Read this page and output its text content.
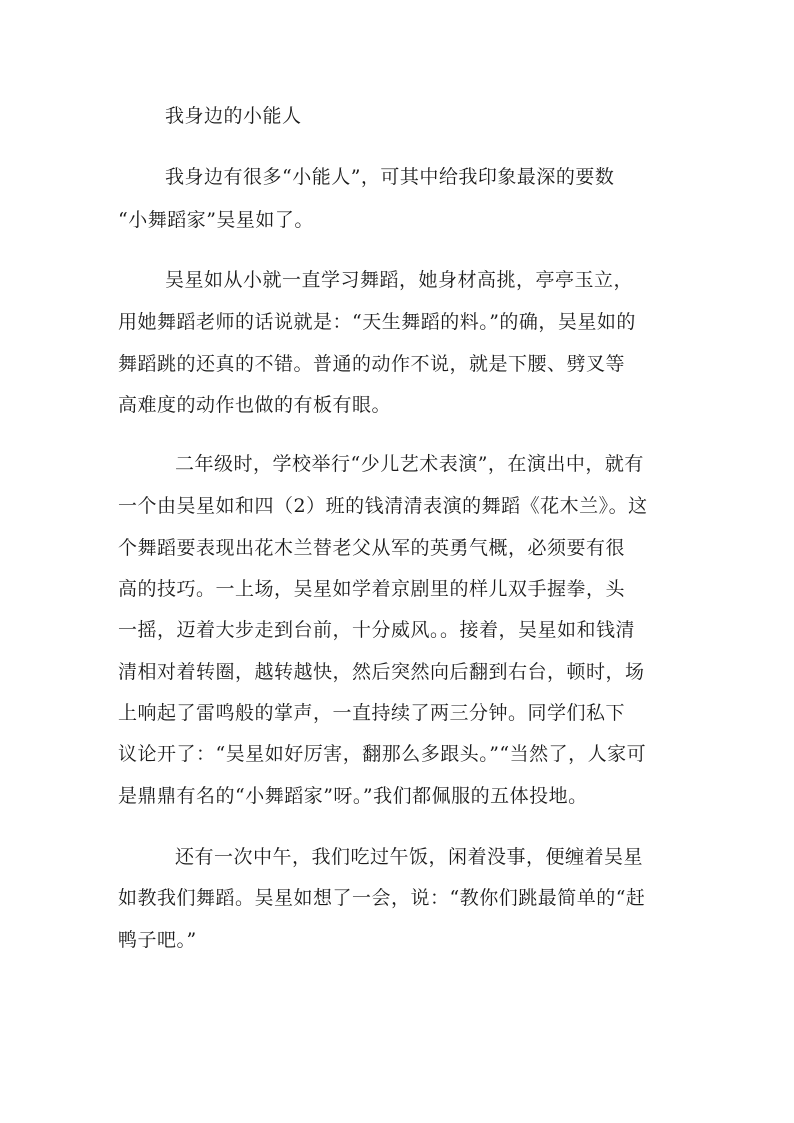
我身边的小能人
我身边有很多“小能人”，可其中给我印象最深的要数
“小舞蹈家”吴星如了。
吴星如从小就一直学习舞蹈，她身材高挑，亭亭玉立，
用她舞蹈老师的话说就是：“天生舞蹈的料。”的确，吴星如的
舞蹈跳的还真的不错。普通的动作不说，就是下腰、劈叉等
高难度的动作也做的有板有眼。
二年级时，学校举行“少儿艺术表演”，在演出中，就有
一个由吴星如和四（2）班的钱清清表演的舞蹈《花木兰》。这
个舞蹈要表现出花木兰替老父从军的英勇气概，必须要有很
高的技巧。一上场，吴星如学着京剧里的样儿双手握拳，头
一摇，迈着大步走到台前，十分威风。。接着，吴星如和钱清
清相对着转圈，越转越快，然后突然向后翻到右台，顿时，场
上响起了雷鸣般的掌声，一直持续了两三分钟。同学们私下
议论开了：“吴星如好厉害，翻那么多跟头。”“当然了，人家可
是鼎鼎有名的“小舞蹈家”呀。”我们都佩服的五体投地。
还有一次中午，我们吃过午饭，闲着没事，便缠着吴星
如教我们舞蹈。吴星如想了一会，说：“教你们跳最简单的“赶
鸭子吧。”
